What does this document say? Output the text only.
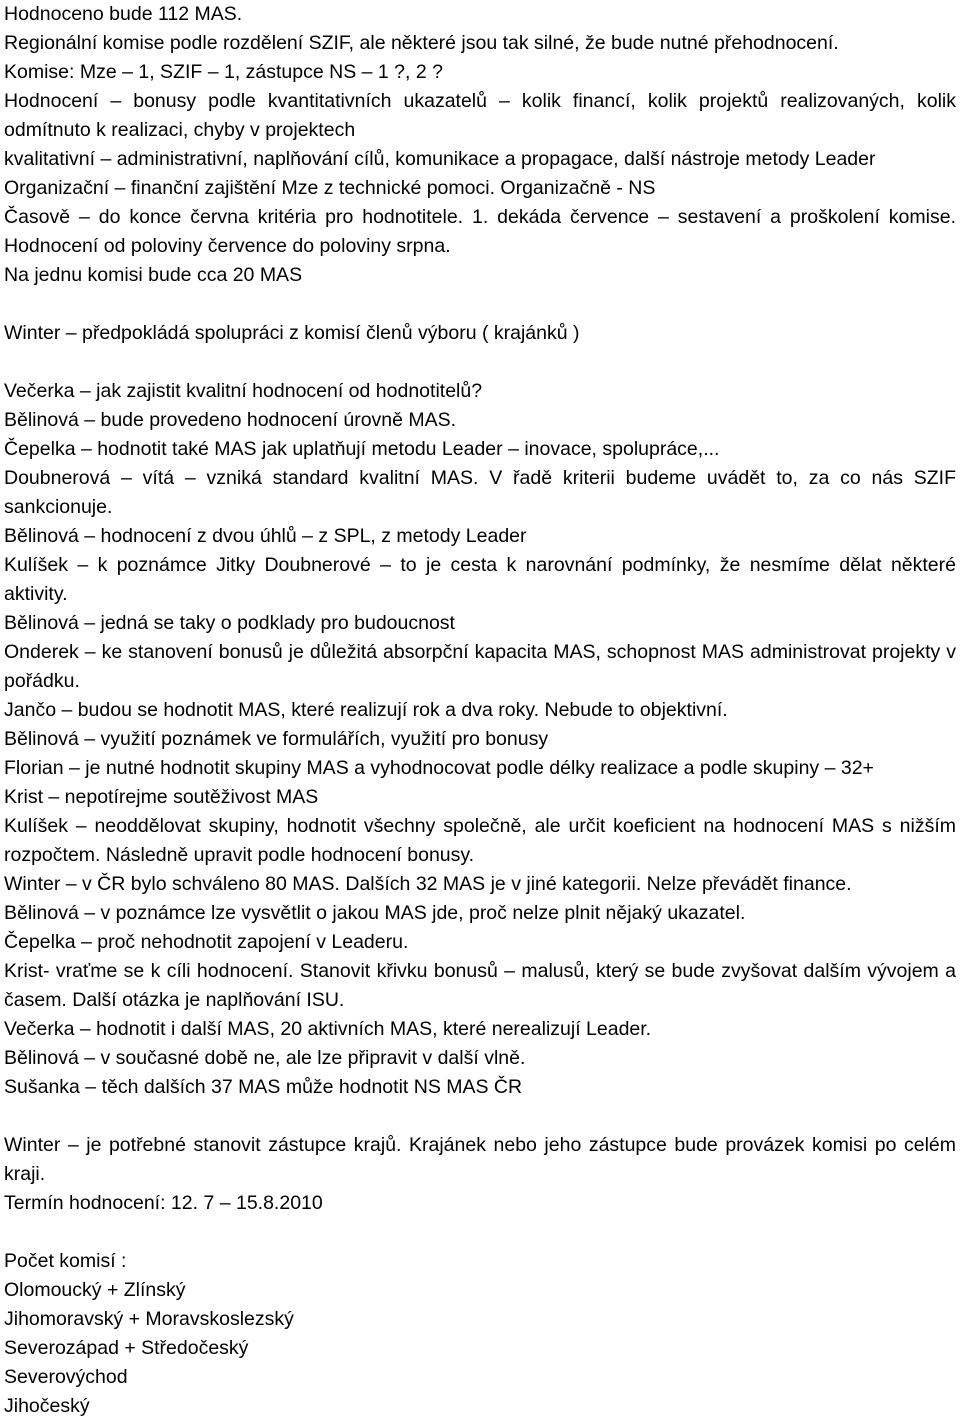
Hodnoceno bude 112 MAS.

Regionální komise podle rozdělení SZIF, ale některé jsou tak silné, že bude nutné přehodnocení.

Komise: Mze – 1, SZIF – 1, zástupce NS – 1 ?, 2 ?

Hodnocení – bonusy podle kvantitativních ukazatelů – kolik financí, kolik projektů realizovaných, kolik odmítnuto k realizaci, chyby v projektech

kvalitativní – administrativní, naplňování cílů, komunikace a propagace, další nástroje metody Leader

Organizační – finanční zajištění Mze z technické pomoci. Organizačně - NS

Časově – do konce června kritéria pro hodnotitele. 1. dekáda července – sestavení a proškolení komise. Hodnocení od poloviny července do poloviny srpna.

Na jednu komisi bude cca 20 MAS

Winter – předpokládá spolupráci z komisí členů výboru ( krajánků )

Večerka – jak zajistit kvalitní hodnocení od hodnotitelů?

Bělinová – bude provedeno hodnocení úrovně MAS.

Čepelka – hodnotit také MAS jak uplatňují metodu Leader – inovace, spolupráce,...

Doubnerová – vítá – vzniká standard kvalitní MAS. V řadě kriterii budeme uvádět to, za co nás SZIF sankcionuje.

Bělinová – hodnocení z dvou úhlů – z SPL, z metody Leader

Kulíšek – k poznámce Jitky Doubnerové – to je cesta k narovnání podmínky, že nesmíme dělat některé aktivity.

Bělinová – jedná se taky o podklady pro budoucnost

Onderek – ke stanovení bonusů je důležitá absorpční kapacita MAS, schopnost MAS administrovat projekty v pořádku.

Jančo – budou se hodnotit MAS, které realizují rok a dva roky. Nebude to objektivní.

Bělinová – využití poznámek ve formulářích, využití pro bonusy

Florian – je nutné hodnotit skupiny MAS a vyhodnocovat podle délky realizace a podle skupiny – 32+

Krist – nepotírejme soutěživost MAS

Kulíšek – neoddělovat skupiny, hodnotit všechny společně, ale určit koeficient na hodnocení MAS s nižším rozpočtem. Následně upravit podle hodnocení bonusy.

Winter – v ČR bylo schváleno 80 MAS. Dalších 32 MAS je v jiné kategorii. Nelze převádět finance.

Bělinová – v poznámce lze vysvětlit o jakou MAS jde, proč nelze plnit nějaký ukazatel.

Čepelka – proč nehodnotit zapojení v Leaderu.

Krist- vraťme se k cíli hodnocení. Stanovit křivku bonusů – malusů, který se bude zvyšovat dalším vývojem a časem. Další otázka je naplňování ISU.

Večerka – hodnotit i další MAS, 20 aktivních MAS, které nerealizují Leader.

Bělinová – v současné době ne, ale lze připravit v další vlně.

Sušanka – těch dalších 37 MAS může hodnotit NS MAS ČR

Winter – je potřebné stanovit zástupce krajů. Krajánek nebo jeho zástupce bude provázek komisi po celém kraji.

Termín hodnocení: 12. 7 – 15.8.2010

Počet komisí :

Olomoucký + Zlínský

Jihomoravský + Moravskoslezský

Severozápad + Středočeský

Severovýchod

Jihočeský
